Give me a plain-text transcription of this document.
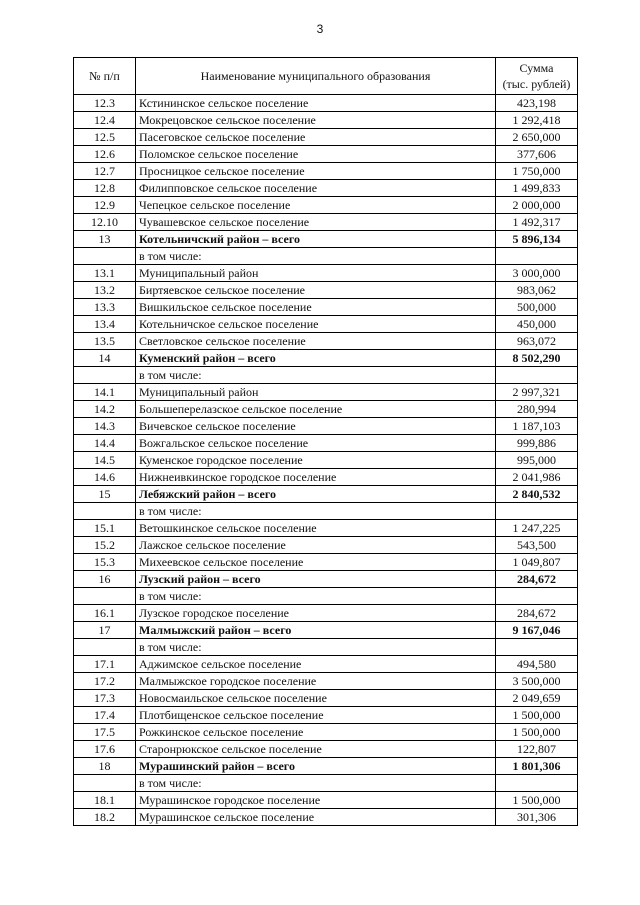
3
№ п/п	Наименование муниципального образования	Сумма
(тыс. рублей)
12.3	Кстининское сельское поселение	423,198
12.4	Мокрецовское сельское поселение	1 292,418
12.5	Пасеговское сельское поселение	2 650,000
12.6	Поломское сельское поселение	377,606
12.7	Просницкое сельское поселение	1 750,000
12.8	Филипповское сельское поселение	1 499,833
12.9	Чепецкое сельское поселение	2 000,000
12.10	Чувашевское сельское поселение	1 492,317
13	Котельничский район – всего	5 896,134
	в том числе:	
13.1	Муниципальный район	3 000,000
13.2	Биртяевское сельское поселение	983,062
13.3	Вишкильское сельское поселение	500,000
13.4	Котельничское сельское поселение	450,000
13.5	Светловское сельское поселение	963,072
14	Куменский район – всего	8 502,290
	в том числе:	
14.1	Муниципальный район	2 997,321
14.2	Большеперелазское сельское поселение	280,994
14.3	Вичевское сельское поселение	1 187,103
14.4	Вожгальское сельское поселение	999,886
14.5	Куменское городское поселение	995,000
14.6	Нижнеивкинское городское поселение	2 041,986
15	Лебяжский район – всего	2 840,532
	в том числе:	
15.1	Ветошкинское сельское поселение	1 247,225
15.2	Лажское сельское поселение	543,500
15.3	Михеевское сельское поселение	1 049,807
16	Лузский район – всего	284,672
	в том числе:	
16.1	Лузское городское поселение	284,672
17	Малмыжский район – всего	9 167,046
	в том числе:	
17.1	Аджимское сельское поселение	494,580
17.2	Малмыжское городское поселение	3 500,000
17.3	Новосмаильское сельское поселение	2 049,659
17.4	Плотбищенское сельское поселение	1 500,000
17.5	Рожкинское сельское поселение	1 500,000
17.6	Старонрюкское сельское поселение	122,807
18	Мурашинский район – всего	1 801,306
	в том числе:	
18.1	Мурашинское городское поселение	1 500,000
18.2	Мурашинское сельское поселение	301,306
